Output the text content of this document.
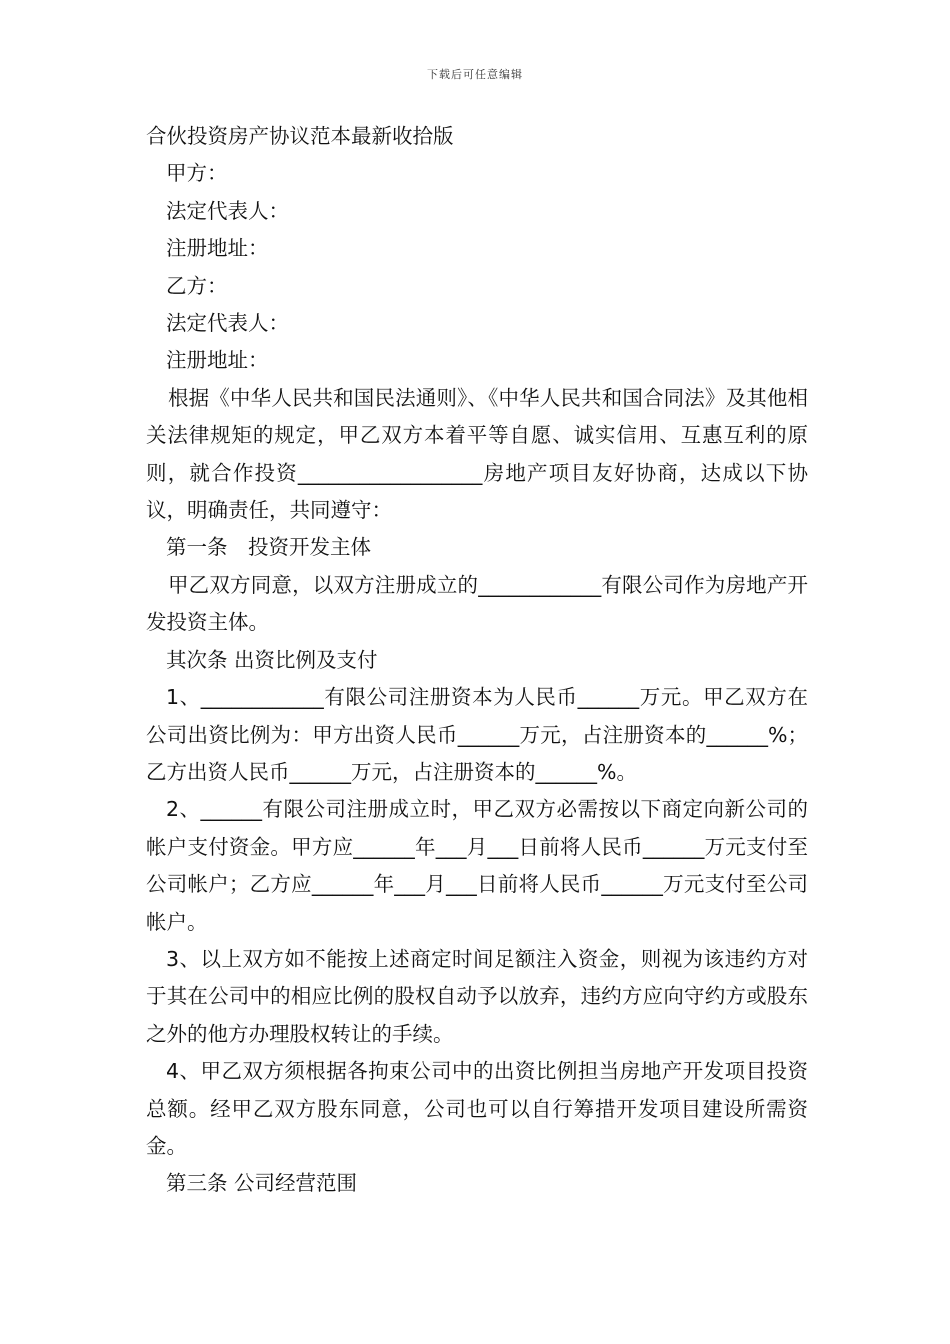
下载后可任意编辑

合伙投资房产协议范本最新收拾版

甲方：

法定代表人：

注册地址：

乙方：

法定代表人：

注册地址：

根据《中华人民共和国民法通则》、《中华人民共和国合同法》及其他相关法律规矩的规定，甲乙双方本着平等自愿、诚实信用、互惠互利的原则，就合作投资__________________房地产项目友好协商，达成以下协议，明确责任，共同遵守：

第一条　投资开发主体

甲乙双方同意，以双方注册成立的____________有限公司作为房地产开发投资主体。

其次条 出资比例及支付

1、____________有限公司注册资本为人民币______万元。甲乙双方在公司出资比例为：甲方出资人民币______万元，占注册资本的______%；乙方出资人民币______万元，占注册资本的______%。

2、______有限公司注册成立时，甲乙双方必需按以下商定向新公司的帐户支付资金。甲方应______年___月___日前将人民币______万元支付至公司帐户；乙方应______年___月___日前将人民币______万元支付至公司帐户。

3、以上双方如不能按上述商定时间足额注入资金，则视为该违约方对于其在公司中的相应比例的股权自动予以放弃，违约方应向守约方或股东之外的他方办理股权转让的手续。

4、甲乙双方须根据各拘束公司中的出资比例担当房地产开发项目投资总额。经甲乙双方股东同意，公司也可以自行筹措开发项目建设所需资金。

第三条 公司经营范围
